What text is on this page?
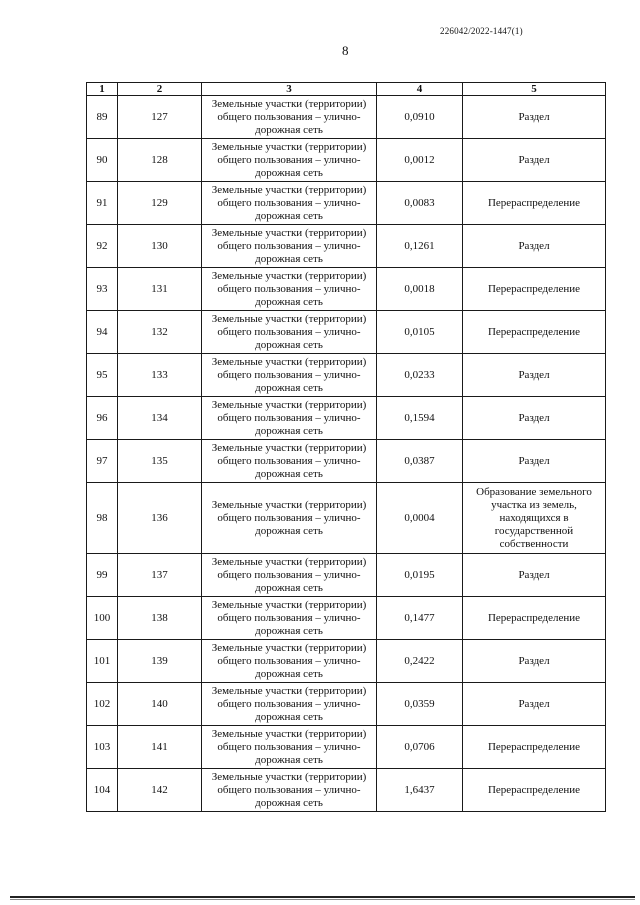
226042/2022-1447(1)
8
1	2	3	4	5
89	127	Земельные участки (территории) общего пользования – улично-дорожная сеть	0,0910	Раздел
90	128	Земельные участки (территории) общего пользования – улично-дорожная сеть	0,0012	Раздел
91	129	Земельные участки (территории) общего пользования – улично-дорожная сеть	0,0083	Перераспределение
92	130	Земельные участки (территории) общего пользования – улично-дорожная сеть	0,1261	Раздел
93	131	Земельные участки (территории) общего пользования – улично-дорожная сеть	0,0018	Перераспределение
94	132	Земельные участки (территории) общего пользования – улично-дорожная сеть	0,0105	Перераспределение
95	133	Земельные участки (территории) общего пользования – улично-дорожная сеть	0,0233	Раздел
96	134	Земельные участки (территории) общего пользования – улично-дорожная сеть	0,1594	Раздел
97	135	Земельные участки (территории) общего пользования – улично-дорожная сеть	0,0387	Раздел
98	136	Земельные участки (территории) общего пользования – улично-дорожная сеть	0,0004	Образование земельного участка из земель, находящихся в государственной собственности
99	137	Земельные участки (территории) общего пользования – улично-дорожная сеть	0,0195	Раздел
100	138	Земельные участки (территории) общего пользования – улично-дорожная сеть	0,1477	Перераспределение
101	139	Земельные участки (территории) общего пользования – улично-дорожная сеть	0,2422	Раздел
102	140	Земельные участки (территории) общего пользования – улично-дорожная сеть	0,0359	Раздел
103	141	Земельные участки (территории) общего пользования – улично-дорожная сеть	0,0706	Перераспределение
104	142	Земельные участки (территории) общего пользования – улично-дорожная сеть	1,6437	Перераспределение
